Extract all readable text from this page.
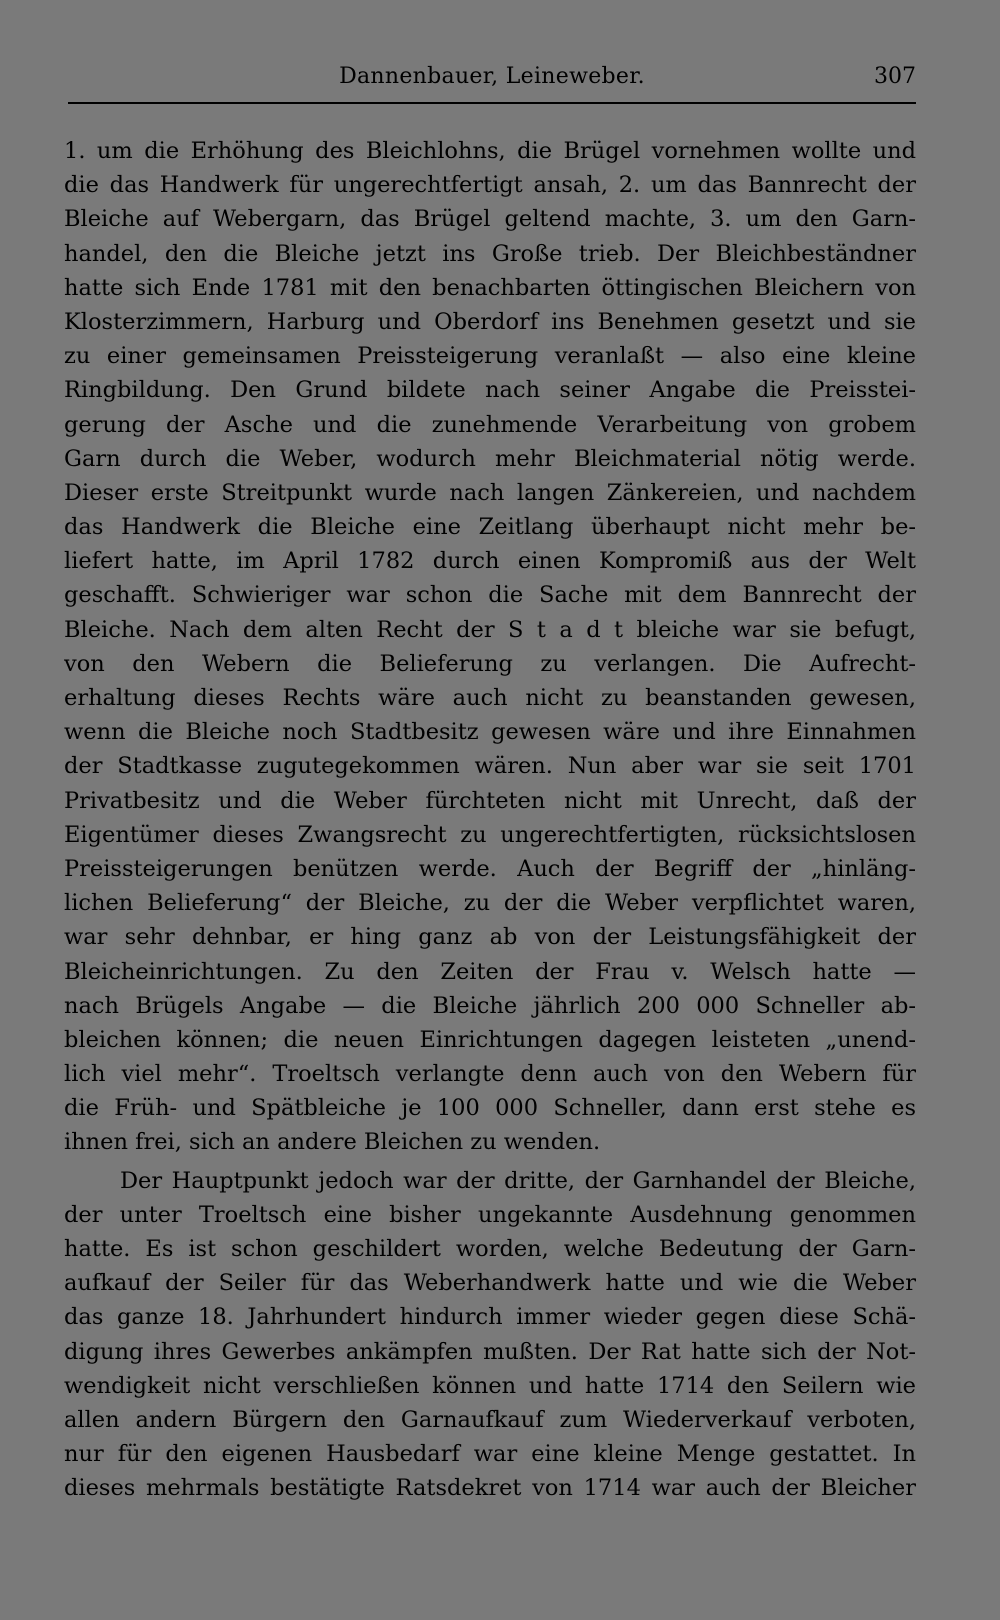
Dannenbauer, Leineweber.	307
1. um die Erhöhung des Bleichlohns, die Brügel vornehmen wollte und
die das Handwerk für ungerechtfertigt ansah, 2. um das Bannrecht der
Bleiche auf Webergarn, das Brügel geltend machte, 3. um den Garn-
handel, den die Bleiche jetzt ins Große trieb. Der Bleichbeständner
hatte sich Ende 1781 mit den benachbarten öttingischen Bleichern von
Klosterzimmern, Harburg und Oberdorf ins Benehmen gesetzt und sie
zu einer gemeinsamen Preissteigerung veranlaßt — also eine kleine
Ringbildung. Den Grund bildete nach seiner Angabe die Preisstei-
gerung der Asche und die zunehmende Verarbeitung von grobem
Garn durch die Weber, wodurch mehr Bleichmaterial nötig werde.
Dieser erste Streitpunkt wurde nach langen Zänkereien, und nachdem
das Handwerk die Bleiche eine Zeitlang überhaupt nicht mehr be-
liefert hatte, im April 1782 durch einen Kompromiß aus der Welt
geschafft. Schwieriger war schon die Sache mit dem Bannrecht der
Bleiche. Nach dem alten Recht der S t a d t bleiche war sie befugt,
von den Webern die Belieferung zu verlangen. Die Aufrecht-
erhaltung dieses Rechts wäre auch nicht zu beanstanden gewesen,
wenn die Bleiche noch Stadtbesitz gewesen wäre und ihre Einnahmen
der Stadtkasse zugutegekommen wären. Nun aber war sie seit 1701
Privatbesitz und die Weber fürchteten nicht mit Unrecht, daß der
Eigentümer dieses Zwangsrecht zu ungerechtfertigten, rücksichtslosen
Preissteigerungen benützen werde. Auch der Begriff der „hinläng-
lichen Belieferung“ der Bleiche, zu der die Weber verpflichtet waren,
war sehr dehnbar, er hing ganz ab von der Leistungsfähigkeit der
Bleicheinrichtungen. Zu den Zeiten der Frau v. Welsch hatte —
nach Brügels Angabe — die Bleiche jährlich 200 000 Schneller ab-
bleichen können; die neuen Einrichtungen dagegen leisteten „unend-
lich viel mehr“. Troeltsch verlangte denn auch von den Webern für
die Früh- und Spätbleiche je 100 000 Schneller, dann erst stehe es
ihnen frei, sich an andere Bleichen zu wenden.
Der Hauptpunkt jedoch war der dritte, der Garnhandel der Bleiche,
der unter Troeltsch eine bisher ungekannte Ausdehnung genommen
hatte. Es ist schon geschildert worden, welche Bedeutung der Garn-
aufkauf der Seiler für das Weberhandwerk hatte und wie die Weber
das ganze 18. Jahrhundert hindurch immer wieder gegen diese Schä-
digung ihres Gewerbes ankämpfen mußten. Der Rat hatte sich der Not-
wendigkeit nicht verschließen können und hatte 1714 den Seilern wie
allen andern Bürgern den Garnaufkauf zum Wiederverkauf verboten,
nur für den eigenen Hausbedarf war eine kleine Menge gestattet. In
dieses mehrmals bestätigte Ratsdekret von 1714 war auch der Bleicher
